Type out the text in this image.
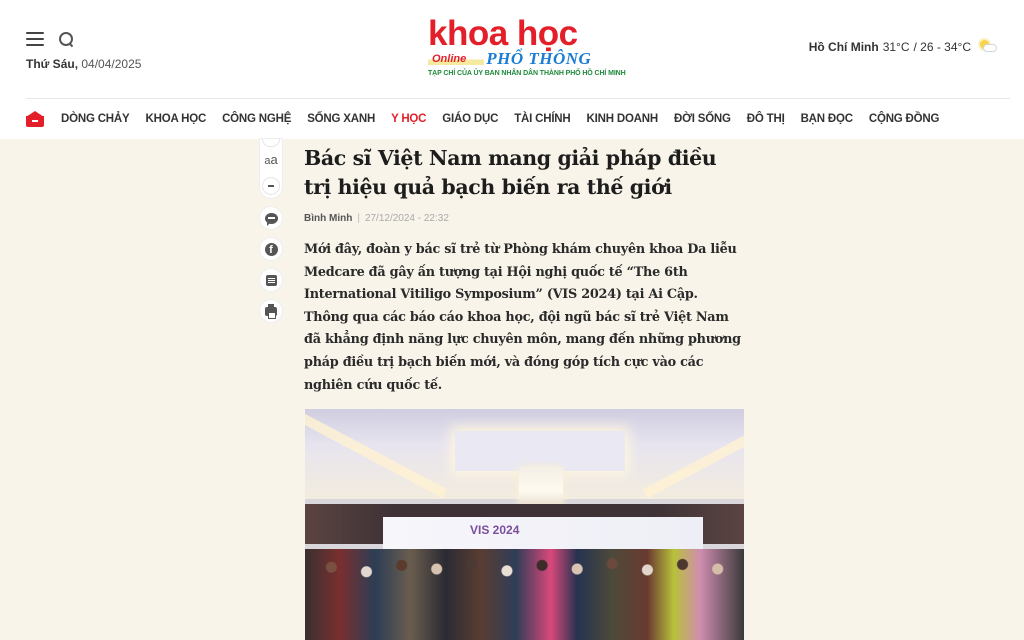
Thứ Sáu, 04/04/2025
khoa học
Online	PHỔ THÔNG
TẠP CHÍ CỦA ỦY BAN NHÂN DÂN THÀNH PHỐ HỒ CHÍ MINH
Hồ Chí Minh 31°C / 26 - 34°C
DÒNG CHẢY KHOA HỌC CÔNG NGHỆ SỐNG XANH Y HỌC GIÁO DỤC TÀI CHÍNH KINH DOANH ĐỜI SỐNG ĐÔ THỊ BẠN ĐỌC CỘNG ĐỒNG
aa
f
Bác sĩ Việt Nam mang giải pháp điều trị hiệu quả bạch biến ra thế giới
Bình Minh | 27/12/2024 - 22:32

Mới đây, đoàn y bác sĩ trẻ từ Phòng khám chuyên khoa Da liễu Medcare đã gây ấn tượng tại Hội nghị quốc tế “The 6th International Vitiligo Symposium” (VIS 2024) tại Ai Cập. Thông qua các báo cáo khoa học, đội ngũ bác sĩ trẻ Việt Nam đã khẳng định năng lực chuyên môn, mang đến những phương pháp điều trị bạch biến mới, và đóng góp tích cực vào các nghiên cứu quốc tế.

VIS 2024
